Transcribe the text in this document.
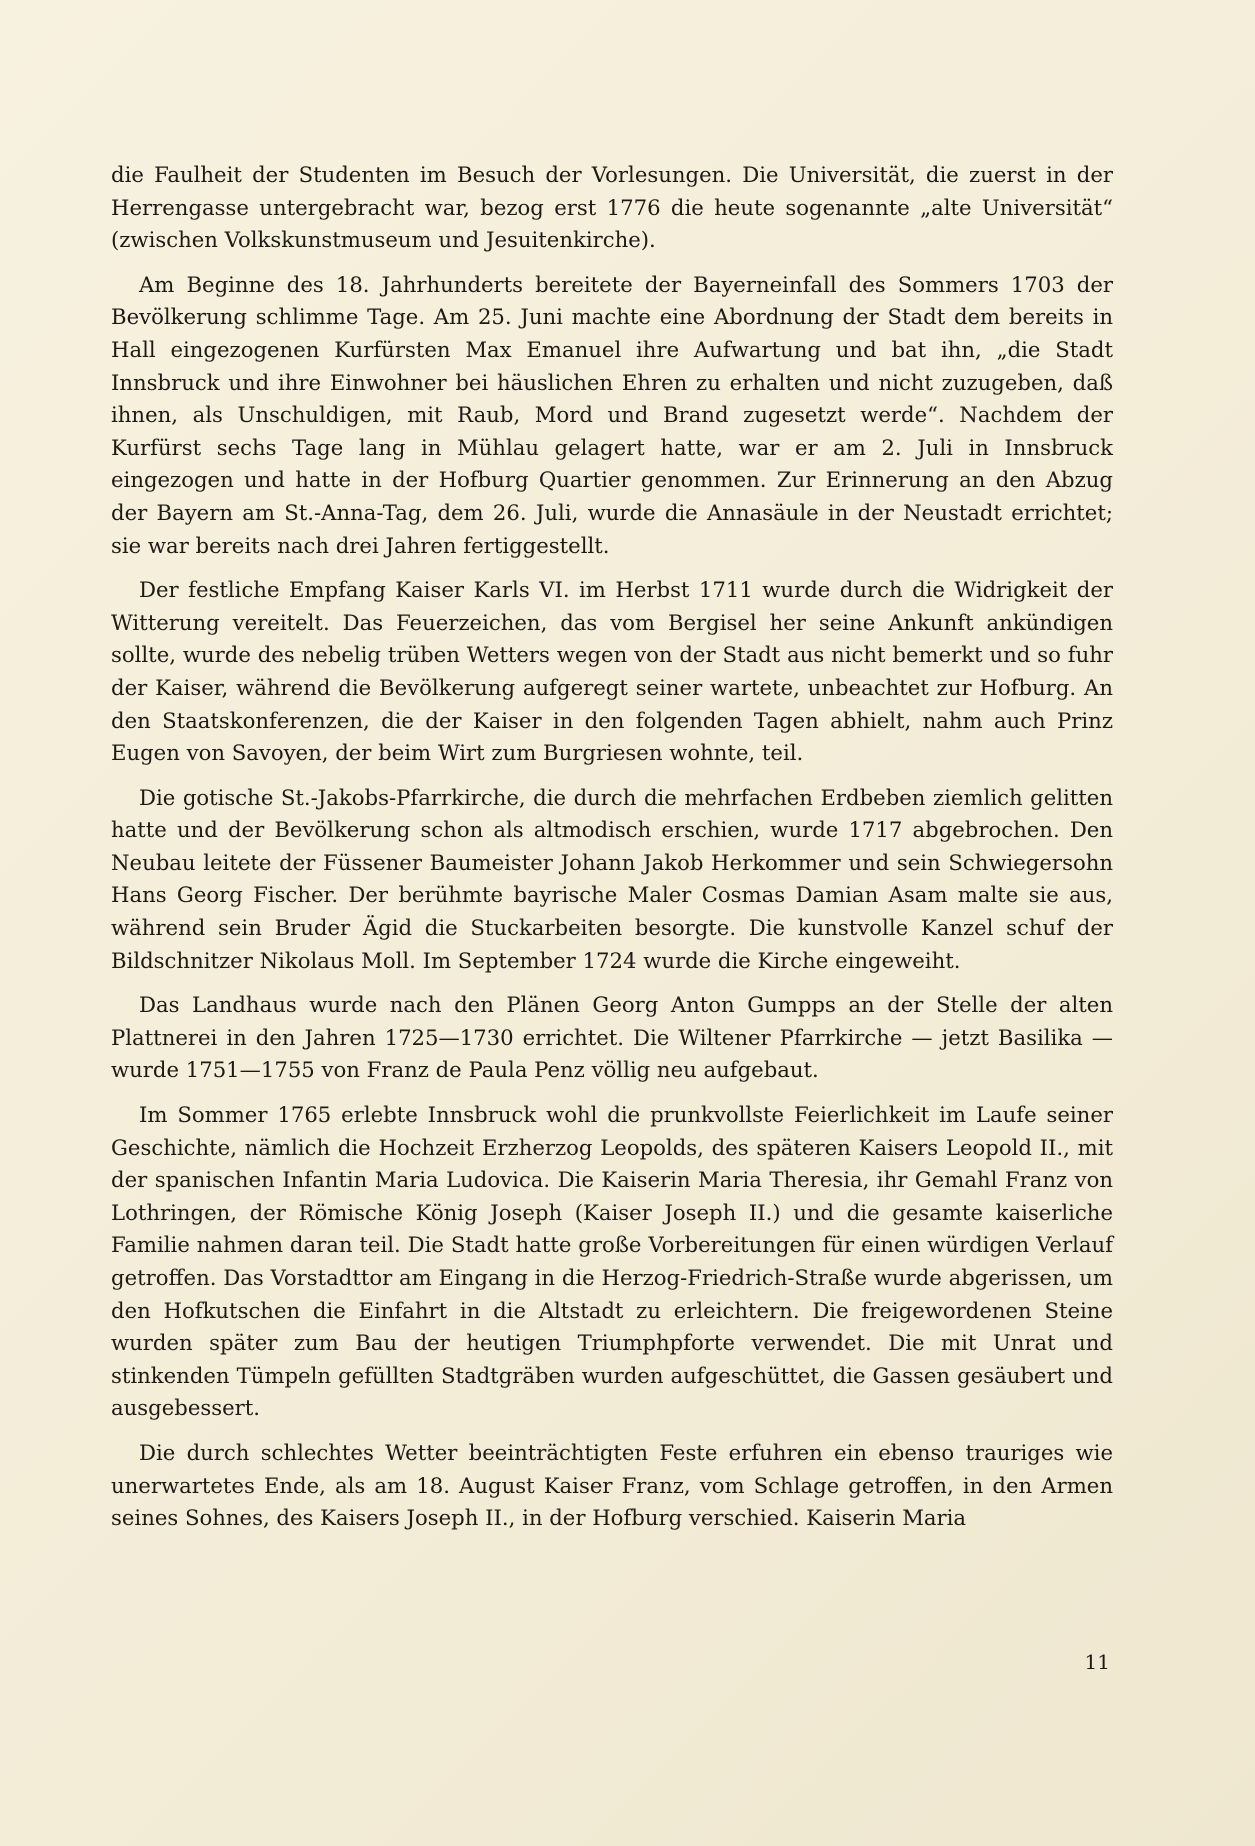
die Faulheit der Studenten im Besuch der Vorlesungen. Die Universität, die zuerst in der Herrengasse untergebracht war, bezog erst 1776 die heute sogenannte „alte Universität“ (zwischen Volkskunstmuseum und Jesuitenkirche).

Am Beginne des 18. Jahrhunderts bereitete der Bayerneinfall des Sommers 1703 der Bevölkerung schlimme Tage. Am 25. Juni machte eine Abordnung der Stadt dem bereits in Hall eingezogenen Kurfürsten Max Emanuel ihre Aufwartung und bat ihn, „die Stadt Innsbruck und ihre Einwohner bei häuslichen Ehren zu erhalten und nicht zuzugeben, daß ihnen, als Unschuldigen, mit Raub, Mord und Brand zugesetzt werde“. Nachdem der Kurfürst sechs Tage lang in Mühlau gelagert hatte, war er am 2. Juli in Innsbruck eingezogen und hatte in der Hofburg Quartier genommen. Zur Erinnerung an den Abzug der Bayern am St.-Anna-Tag, dem 26. Juli, wurde die Annasäule in der Neustadt errichtet; sie war bereits nach drei Jahren fertiggestellt.

Der festliche Empfang Kaiser Karls VI. im Herbst 1711 wurde durch die Widrigkeit der Witterung vereitelt. Das Feuerzeichen, das vom Bergisel her seine Ankunft ankündigen sollte, wurde des nebelig trüben Wetters wegen von der Stadt aus nicht bemerkt und so fuhr der Kaiser, während die Bevölkerung aufgeregt seiner wartete, unbeachtet zur Hofburg. An den Staatskonferenzen, die der Kaiser in den folgenden Tagen abhielt, nahm auch Prinz Eugen von Savoyen, der beim Wirt zum Burgriesen wohnte, teil.

Die gotische St.-Jakobs-Pfarrkirche, die durch die mehrfachen Erdbeben ziemlich gelitten hatte und der Bevölkerung schon als altmodisch erschien, wurde 1717 abgebrochen. Den Neubau leitete der Füssener Baumeister Johann Jakob Herkommer und sein Schwiegersohn Hans Georg Fischer. Der berühmte bayrische Maler Cosmas Damian Asam malte sie aus, während sein Bruder Ägid die Stuckarbeiten besorgte. Die kunstvolle Kanzel schuf der Bildschnitzer Nikolaus Moll. Im September 1724 wurde die Kirche eingeweiht.

Das Landhaus wurde nach den Plänen Georg Anton Gumpps an der Stelle der alten Plattnerei in den Jahren 1725—1730 errichtet. Die Wiltener Pfarrkirche — jetzt Basilika — wurde 1751—1755 von Franz de Paula Penz völlig neu aufgebaut.

Im Sommer 1765 erlebte Innsbruck wohl die prunkvollste Feierlichkeit im Laufe seiner Geschichte, nämlich die Hochzeit Erzherzog Leopolds, des späteren Kaisers Leopold II., mit der spanischen Infantin Maria Ludovica. Die Kaiserin Maria Theresia, ihr Gemahl Franz von Lothringen, der Römische König Joseph (Kaiser Joseph II.) und die gesamte kaiserliche Familie nahmen daran teil. Die Stadt hatte große Vorbereitungen für einen würdigen Verlauf getroffen. Das Vorstadttor am Eingang in die Herzog-Friedrich-Straße wurde abgerissen, um den Hofkutschen die Einfahrt in die Altstadt zu erleichtern. Die freigewordenen Steine wurden später zum Bau der heutigen Triumphpforte verwendet. Die mit Unrat und stinkenden Tümpeln gefüllten Stadtgräben wurden aufgeschüttet, die Gassen gesäubert und ausgebessert.

Die durch schlechtes Wetter beeinträchtigten Feste erfuhren ein ebenso trauriges wie unerwartetes Ende, als am 18. August Kaiser Franz, vom Schlage getroffen, in den Armen seines Sohnes, des Kaisers Joseph II., in der Hofburg verschied. Kaiserin Maria

11
